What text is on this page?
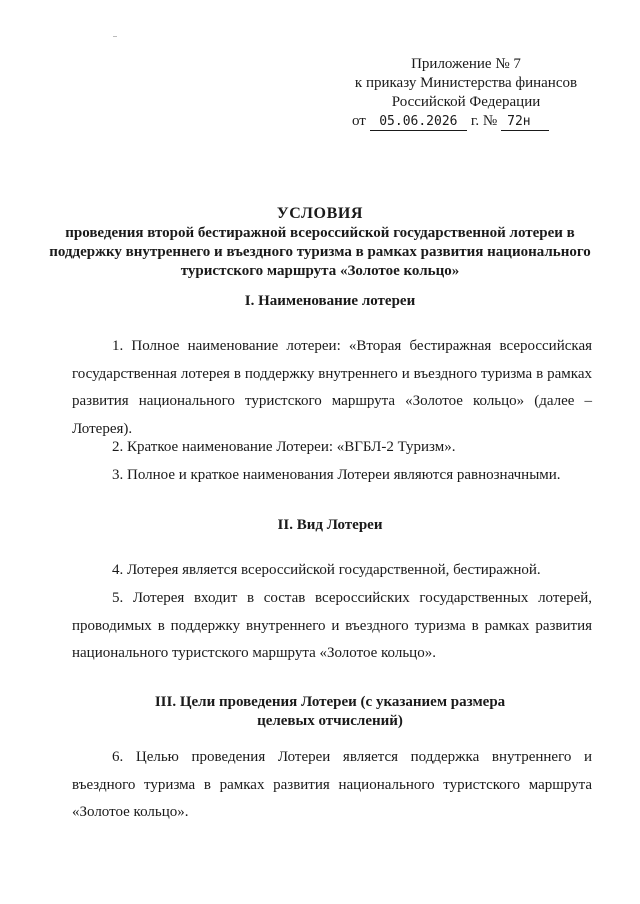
Приложение № 7
к приказу Министерства финансов
Российской Федерации
от 05.06.2026 г. № 72н
УСЛОВИЯ
проведения второй бестиражной всероссийской государственной лотереи в поддержку внутреннего и въездного туризма в рамках развития национального туристского маршрута «Золотое кольцо»
I. Наименование лотереи
1. Полное наименование лотереи: «Вторая бестиражная всероссийская государственная лотерея в поддержку внутреннего и въездного туризма в рамках развития национального туристского маршрута «Золотое кольцо» (далее – Лотерея).
2. Краткое наименование Лотереи: «ВГБЛ-2 Туризм».
3. Полное и краткое наименования Лотереи являются равнозначными.
II. Вид Лотереи
4. Лотерея является всероссийской государственной, бестиражной.
5. Лотерея входит в состав всероссийских государственных лотерей, проводимых в поддержку внутреннего и въездного туризма в рамках развития национального туристского маршрута «Золотое кольцо».
III. Цели проведения Лотереи (с указанием размера целевых отчислений)
6. Целью проведения Лотереи является поддержка внутреннего и въездного туризма в рамках развития национального туристского маршрута «Золотое кольцо».
